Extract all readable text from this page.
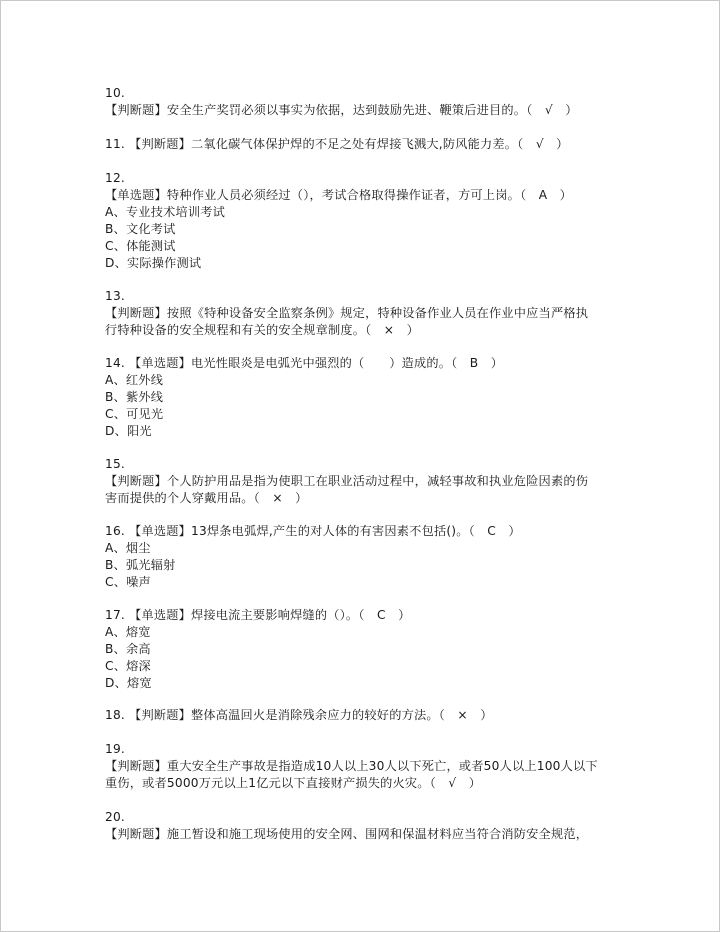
10.
【判断题】安全生产奖罚必须以事实为依据，达到鼓励先进、鞭策后进目的。（　√　）
11. 【判断题】二氧化碳气体保护焊的不足之处有焊接飞溅大,防风能力差。（　√　）
12.
【单选题】特种作业人员必须经过（），考试合格取得操作证者，方可上岗。（　A　）
A、专业技术培训考试
B、文化考试
C、体能测试
D、实际操作测试
13.
【判断题】按照《特种设备安全监察条例》规定，特种设备作业人员在作业中应当严格执
行特种设备的安全规程和有关的安全规章制度。（　×　）
14. 【单选题】电光性眼炎是电弧光中强烈的（　　）造成的。（　B　）
A、红外线
B、紫外线
C、可见光
D、阳光
15.
【判断题】个人防护用品是指为使职工在职业活动过程中，减轻事故和执业危险因素的伤
害而提供的个人穿戴用品。（　×　）
16. 【单选题】13焊条电弧焊,产生的对人体的有害因素不包括()。（　C　）
A、烟尘
B、弧光辐射
C、噪声
17. 【单选题】焊接电流主要影响焊缝的（）。（　C　）
A、熔宽
B、余高
C、熔深
D、熔宽
18. 【判断题】整体高温回火是消除残余应力的较好的方法。（　×　）
19.
【判断题】重大安全生产事故是指造成10人以上30人以下死亡，或者50人以上100人以下
重伤，或者5000万元以上1亿元以下直接财产损失的火灾。（　√　）
20.
【判断题】施工暂设和施工现场使用的安全网、围网和保温材料应当符合消防安全规范，
